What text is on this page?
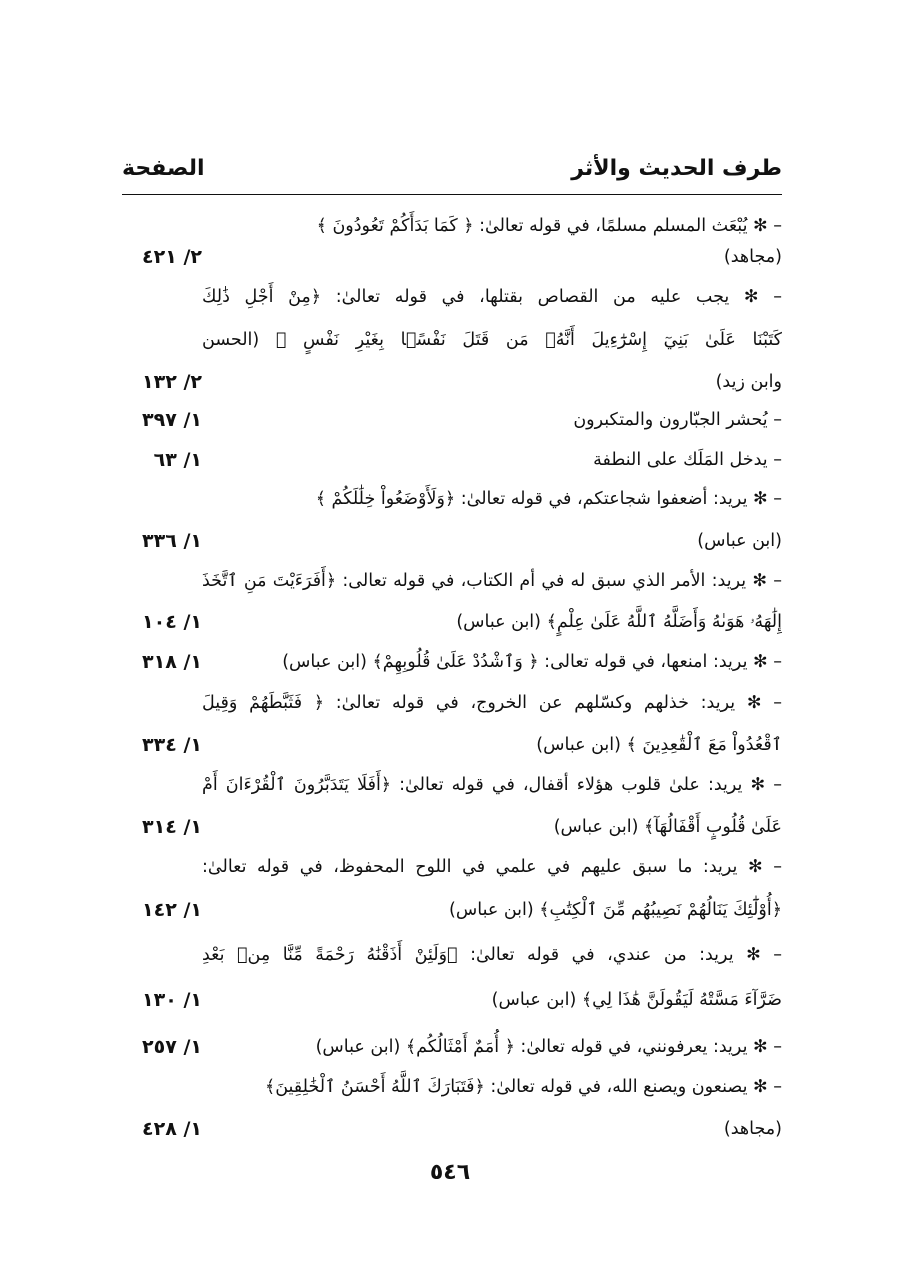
طرف الحديث والأثر
الصفحة
– ✻ يُبْعَث المسلم مسلمًا، في قوله تعالىٰ: ﴿ كَمَا بَدَأَكُمْ تَعُودُونَ ﴾
(مجاهد)
٢/ ٤٢١
– ✻ يجب عليه من القصاص بقتلها، في قوله تعالىٰ: ﴿مِنْ أَجْلِ ذَٰلِكَ
كَتَبْنَا عَلَىٰ بَنِيٓ إِسْرَٰٓءِيلَ أَنَّهُۥ مَن قَتَلَ نَفْسًۢا بِغَيْرِ نَفْسٍ ﴾ (الحسن
وابن زيد)
٢/ ١٣٢
– يُحشر الجبّارون والمتكبرون
١/ ٣٩٧
– يدخل المَلَك على النطفة
١/ ٦٣
– ✻ يريد: أضعفوا شجاعتكم، في قوله تعالىٰ: ﴿وَلَأَوْضَعُواْ خِلَٰلَكُمْ ﴾
(ابن عباس)
١/ ٣٣٦
– ✻ يريد: الأمر الذي سبق له في أم الكتاب، في قوله تعالى: ﴿أَفَرَءَيْتَ مَنِ ٱتَّخَذَ
إِلَٰهَهُۥ هَوَىٰهُ وَأَضَلَّهُ ٱللَّهُ عَلَىٰ عِلْمٍ﴾ (ابن عباس)
١/ ١٠٤
– ✻ يريد: امنعها، في قوله تعالى: ﴿ وَٱشْدُدْ عَلَىٰ قُلُوبِهِمْ﴾ (ابن عباس)
١/ ٣١٨
– ✻ يريد: خذلهم وكسّلهم عن الخروج، في قوله تعالىٰ: ﴿ فَثَبَّطَهُمْ وَقِيلَ
ٱقْعُدُواْ مَعَ ٱلْقَٰعِدِينَ ﴾ (ابن عباس)
١/ ٣٣٤
– ✻ يريد: علىٰ قلوب هؤلاء أقفال، في قوله تعالىٰ: ﴿أَفَلَا يَتَدَبَّرُونَ ٱلْقُرْءَانَ أَمْ
عَلَىٰ قُلُوبٍ أَقْفَالُهَآ﴾ (ابن عباس)
١/ ٣١٤
– ✻ يريد: ما سبق عليهم في علمي في اللوح المحفوظ، في قوله تعالىٰ:
﴿أُوْلَٰٓئِكَ يَنَالُهُمْ نَصِيبُهُم مِّنَ ٱلْكِتَٰبِ﴾ (ابن عباس)
١/ ١٤٢
– ✻ يريد: من عندي، في قوله تعالىٰ: ﴿وَلَئِنْ أَذَقْنَٰهُ رَحْمَةً مِّنَّا مِنۢ بَعْدِ
ضَرَّآءَ مَسَّتْهُ لَيَقُولَنَّ هَٰذَا لِي﴾ (ابن عباس)
١/ ١٣٠
– ✻ يريد: يعرفونني، في قوله تعالىٰ: ﴿ أُمَمٌ أَمْثَالُكُم﴾ (ابن عباس)
١/ ٢٥٧
– ✻ يصنعون ويصنع الله، في قوله تعالىٰ: ﴿فَتَبَارَكَ ٱللَّهُ أَحْسَنُ ٱلْخَٰلِقِينَ﴾
(مجاهد)
١/ ٤٢٨
٥٤٦
